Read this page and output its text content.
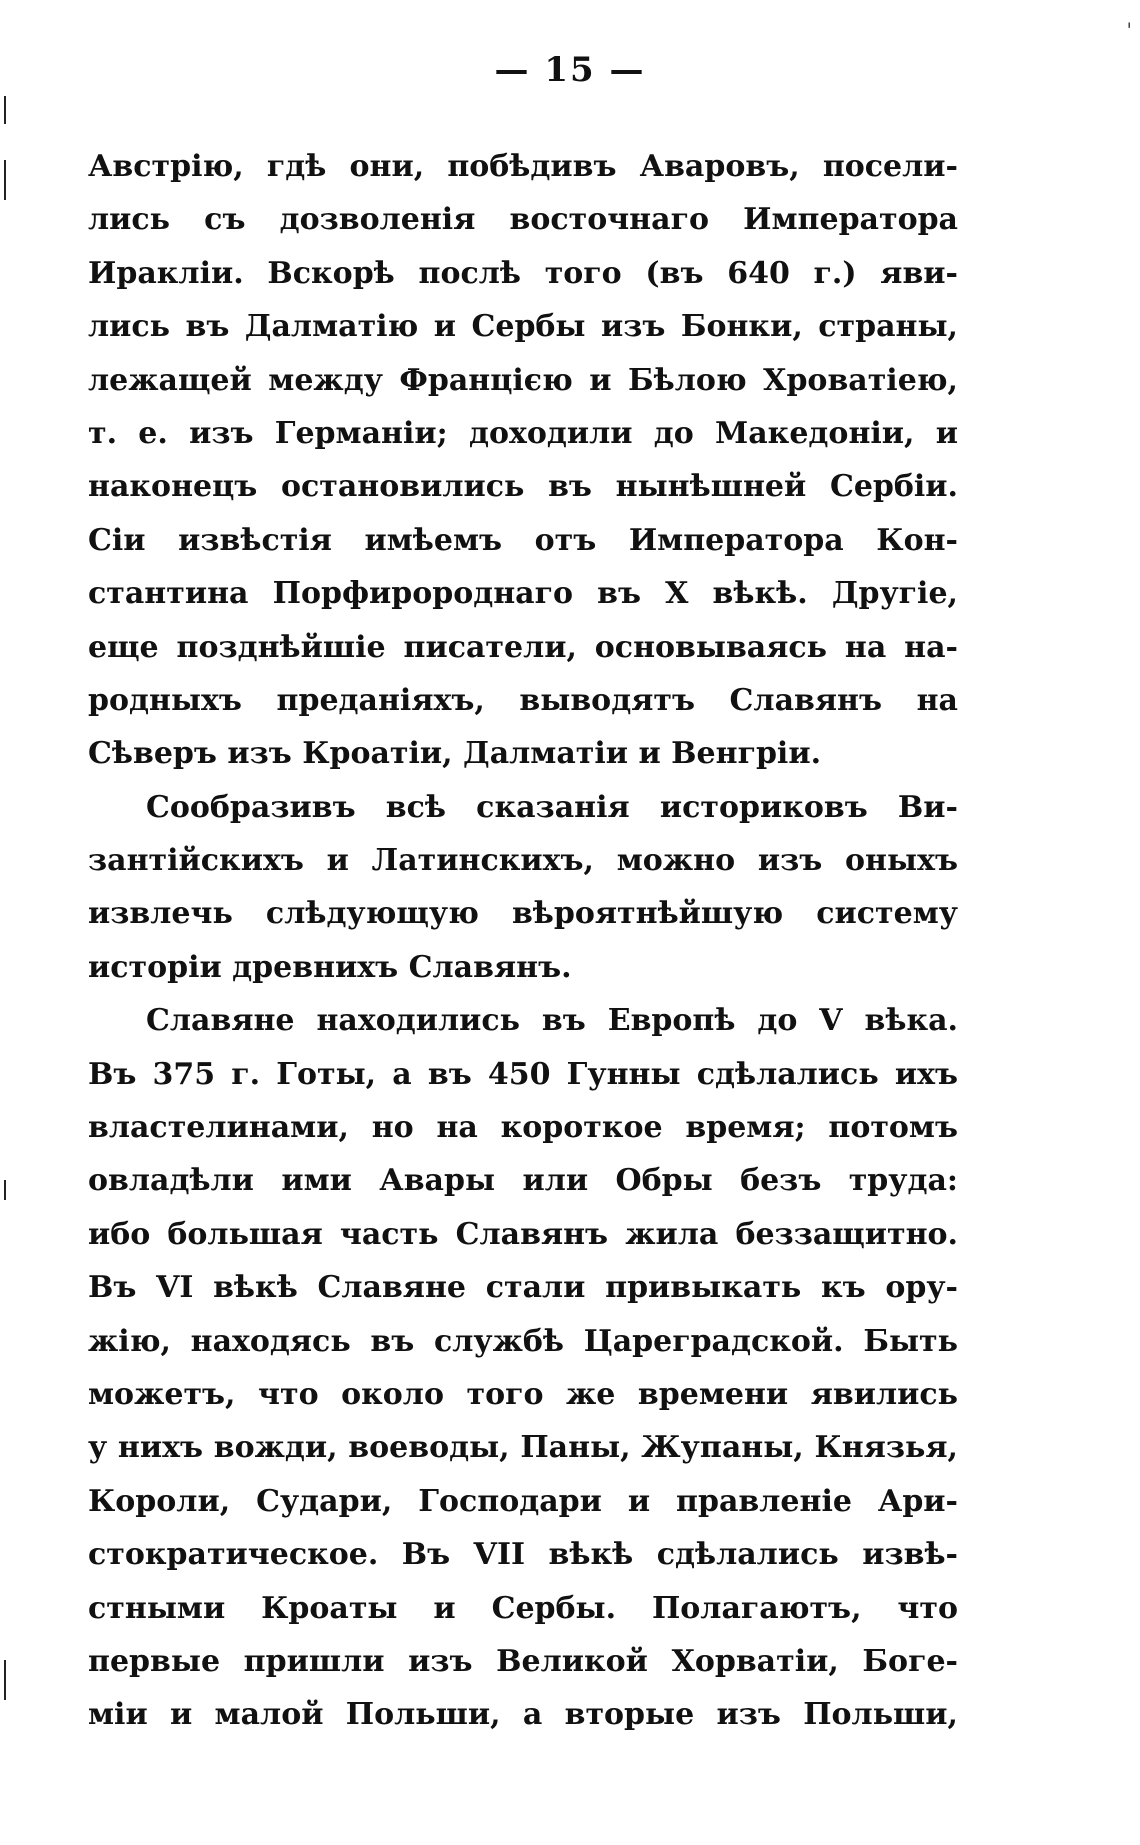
'
— 15 —
Австрію, гдѣ они, побѣдивъ Аваровъ, посели-
лись съ дозволенія восточнаго Императора
Иракліи. Вскорѣ послѣ того (въ 640 г.) яви-
лись въ Далматію и Сербы изъ Бонки, страны,
лежащей между Францією и Бѣлою Хроватіею,
т. е. изъ Германіи; доходили до Македоніи, и
наконецъ остановились въ нынѣшней Сербіи.
Сіи извѣстія имѣемъ отъ Императора Кон-
стантина Порфиророднаго въ X вѣкѣ. Другіе,
еще позднѣйшіе писатели, основываясь на на-
родныхъ преданіяхъ, выводятъ Славянъ на
Сѣверъ изъ Кроатіи, Далматіи и Венгріи.
Сообразивъ всѣ сказанія историковъ Ви-
зантійскихъ и Латинскихъ, можно изъ оныхъ
извлечь слѣдующую вѣроятнѣйшую систему
исторіи древнихъ Славянъ.
Славяне находились въ Европѣ до V вѣка.
Въ 375 г. Готы, а въ 450 Гунны сдѣлались ихъ
властелинами, но на короткое время; потомъ
овладѣли ими Авары или Обры безъ труда:
ибо большая часть Славянъ жила беззащитно.
Въ VI вѣкѣ Славяне стали привыкать къ ору-
жію, находясь въ службѣ Цареградской. Быть
можетъ, что около того же времени явились
у нихъ вожди, воеводы, Паны, Жупаны, Князья,
Короли, Судари, Господари и правленіе Ари-
стократическое. Въ VII вѣкѣ сдѣлались извѣ-
стными Кроаты и Сербы. Полагаютъ, что
первые пришли изъ Великой Хорватіи, Боге-
міи и малой Польши, а вторые изъ Польши,
